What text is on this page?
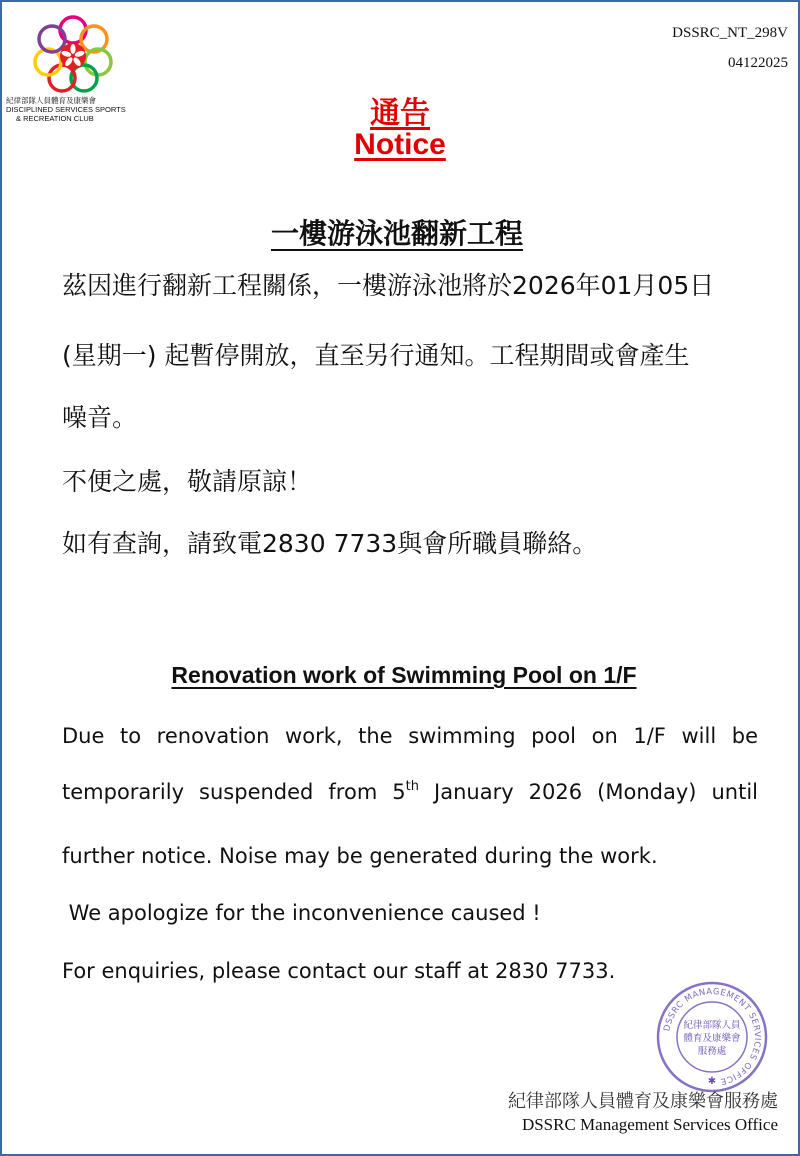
紀律部隊人員體育及康樂會
DISCIPLINED SERVICES SPORTS
& RECREATION CLUB
DSSRC_NT_298V
04122025
通告
Notice
一樓游泳池翻新工程
茲因進行翻新工程關係，一樓游泳池將於2026年01月05日
(星期一) 起暫停開放，直至另行通知。工程期間或會產生
噪音。
不便之處，敬請原諒！
如有查詢，請致電2830 7733與會所職員聯絡。
Renovation work of Swimming Pool on 1/F
Due to renovation work, the swimming pool on 1/F will be
temporarily suspended from 5th January 2026 (Monday) until
further notice. Noise may be generated during the work.
We apologize for the inconvenience caused !
For enquiries, please contact our staff at 2830 7733.
DSSRC MANAGEMENT SERVICES OFFICE
紀律部隊人員
體育及康樂會
服務處
✱
紀律部隊人員體育及康樂會服務處
DSSRC Management Services Office
